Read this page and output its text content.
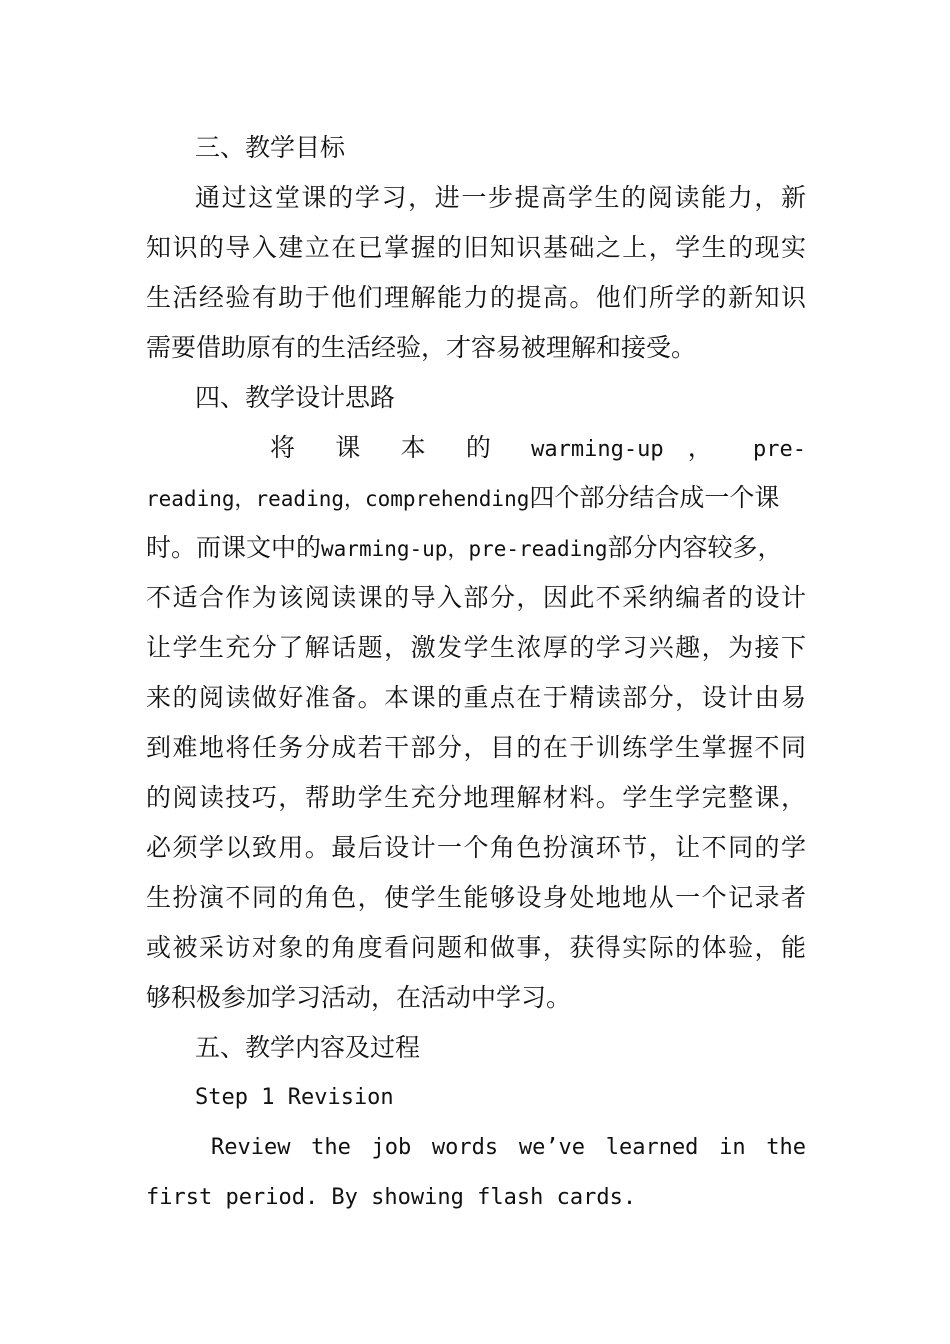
三、教学目标
通过这堂课的学习，进一步提高学生的阅读能力，新
知识的导入建立在已掌握的旧知识基础之上，学生的现实
生活经验有助于他们理解能力的提高。他们所学的新知识
需要借助原有的生活经验，才容易被理解和接受。
四、教学设计思路
将 课 本 的 warming-up ， pre-
reading，reading，comprehending四个部分结合成一个课
时。而课文中的warming-up，pre-reading部分内容较多，
不适合作为该阅读课的导入部分，因此不采纳编者的设计
让学生充分了解话题，激发学生浓厚的学习兴趣，为接下
来的阅读做好准备。本课的重点在于精读部分，设计由易
到难地将任务分成若干部分，目的在于训练学生掌握不同
的阅读技巧，帮助学生充分地理解材料。学生学完整课，
必须学以致用。最后设计一个角色扮演环节，让不同的学
生扮演不同的角色，使学生能够设身处地地从一个记录者
或被采访对象的角度看问题和做事，获得实际的体验，能
够积极参加学习活动，在活动中学习。
五、教学内容及过程
Step 1 Revision
Review the job words we’ve learned in the
first period. By showing flash cards.
